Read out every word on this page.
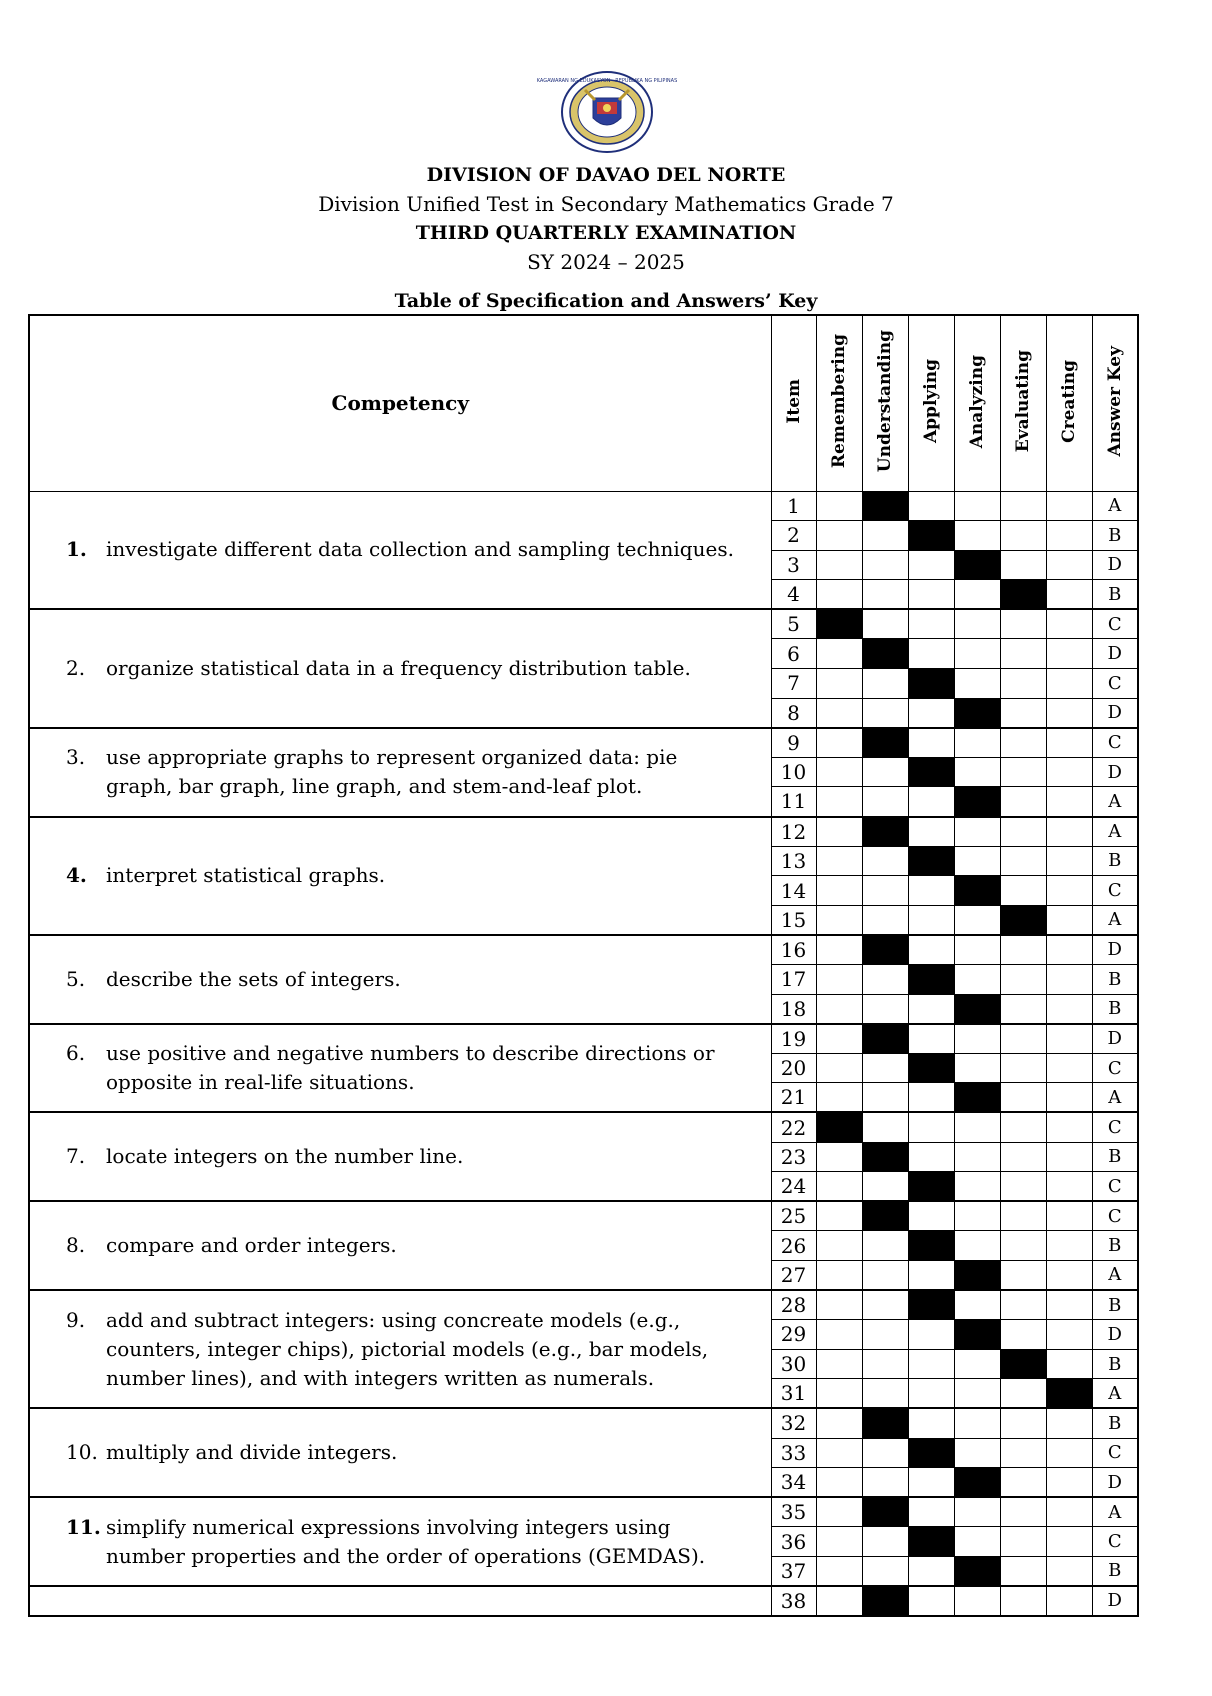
KAGAWARAN NG EDUKASYON · REPUBLIKA NG PILIPINAS
DIVISION OF DAVAO DEL NORTE
Division Unified Test in Secondary Mathematics Grade 7
THIRD QUARTERLY EXAMINATION
SY 2024 – 2025
Table of Specification and Answers’ Key
Competency	Item	Remembering	Understanding	Applying	Analyzing	Evaluating	Creating	Answer Key

1. investigate different data collection and sampling techniques.	1							A
	2							B
	3							D
	4							B

2. organize statistical data in a frequency distribution table.	5							C
	6							D
	7							C
	8							D

3. use appropriate graphs to represent organized data: pie graph, bar graph, line graph, and stem-and-leaf plot.	9							C
	10							D
	11							A

4. interpret statistical graphs.	12							A
	13							B
	14							C
	15							A

5. describe the sets of integers.	16							D
	17							B
	18							B

6. use positive and negative numbers to describe directions or opposite in real-life situations.	19							D
	20							C
	21							A

7. locate integers on the number line.	22							C
	23							B
	24							C

8. compare and order integers.	25							C
	26							B
	27							A

9. add and subtract integers: using concreate models (e.g., counters, integer chips), pictorial models (e.g., bar models, number lines), and with integers written as numerals.	28							B
	29							D
	30							B
	31							A

10. multiply and divide integers.	32							B
	33							C
	34							D

11. simplify numerical expressions involving integers using number properties and the order of operations (GEMDAS).	35							A
	36							C
	37							B

	38							D
